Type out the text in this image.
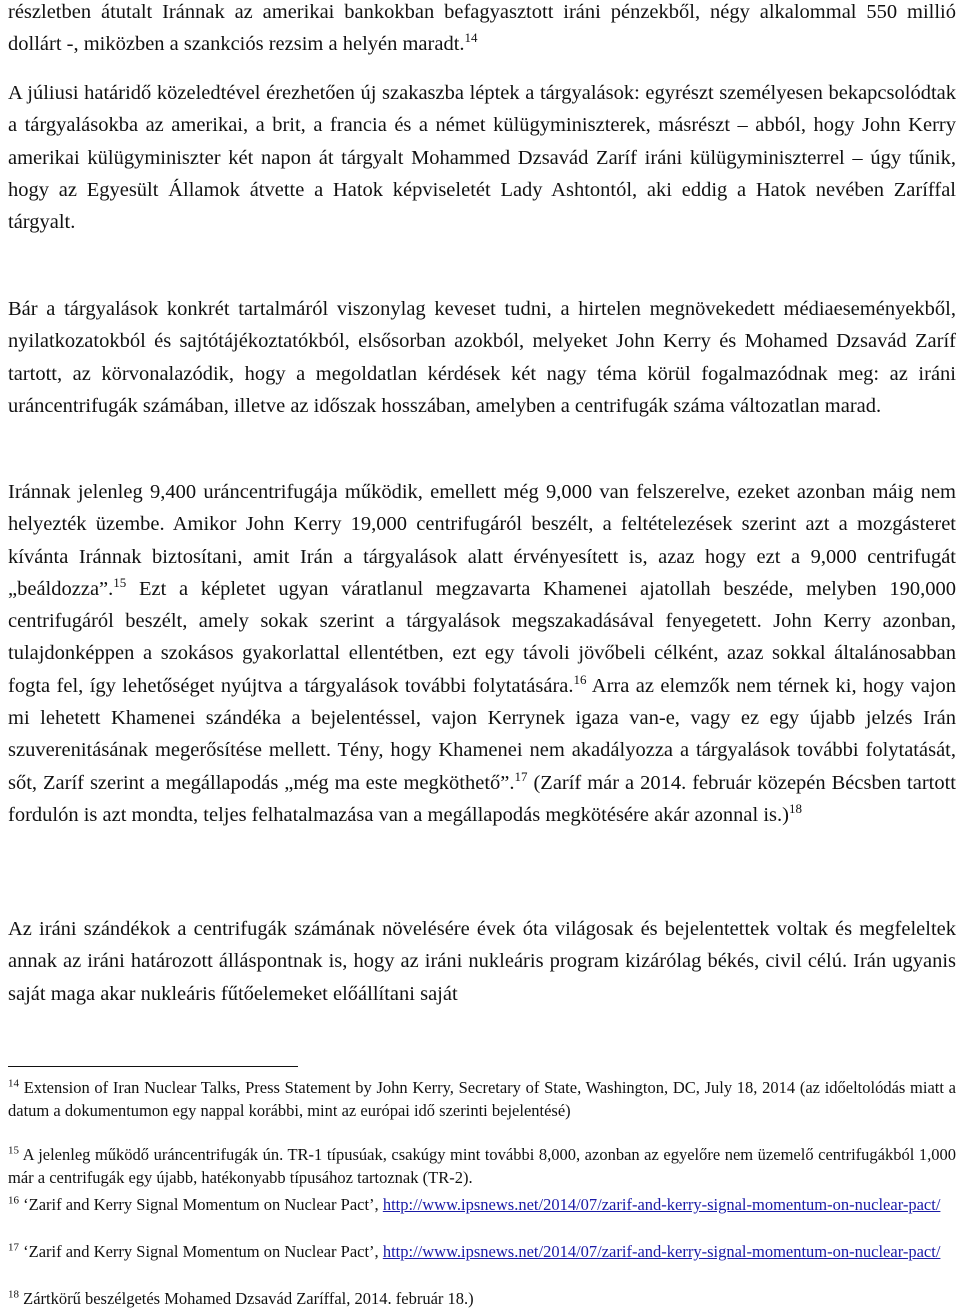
részletben átutalt Iránnak az amerikai bankokban befagyasztott iráni pénzekből, négy alkalommal 550 millió dollárt -, miközben a szankciós rezsim a helyén maradt.$^{14}$

A júliusi határidő közeledtével érezhetően új szakaszba léptek a tárgyalások: egyrészt személyesen bekapcsolódtak a tárgyalásokba az amerikai, a brit, a francia és a német külügyminiszterek, másrészt – abból, hogy John Kerry amerikai külügyminiszter két napon át tárgyalt Mohammed Dzsavád Zaríf iráni külügyminiszterrel – úgy tűnik, hogy az Egyesült Államok átvette a Hatok képviseletét Lady Ashtontól, aki eddig a Hatok nevében Zaríffal tárgyalt.

Bár a tárgyalások konkrét tartalmáról viszonylag keveset tudni, a hirtelen megnövekedett médiaeseményekből, nyilatkozatokból és sajtótájékoztatókból, elsősorban azokból, melyeket John Kerry és Mohamed Dzsavád Zaríf tartott, az körvonalazódik, hogy a megoldatlan kérdések két nagy téma körül fogalmazódnak meg: az iráni uráncentrifugák számában, illetve az időszak hosszában, amelyben a centrifugák száma változatlan marad.

Iránnak jelenleg 9,400 uráncentrifugája működik, emellett még 9,000 van felszerelve, ezeket azonban máig nem helyezték üzembe. Amikor John Kerry 19,000 centrifugáról beszélt, a feltételezések szerint azt a mozgásteret kívánta Iránnak biztosítani, amit Irán a tárgyalások alatt érvényesített is, azaz hogy ezt a 9,000 centrifugát „beáldozza”.$^{15}$ Ezt a képletet ugyan váratlanul megzavarta Khamenei ajatollah beszéde, melyben 190,000 centrifugáról beszélt, amely sokak szerint a tárgyalások megszakadásával fenyegetett. John Kerry azonban, tulajdonképpen a szokásos gyakorlattal ellentétben, ezt egy távoli jövőbeli célként, azaz sokkal általánosabban fogta fel, így lehetőséget nyújtva a tárgyalások további folytatására.$^{16}$ Arra az elemzők nem térnek ki, hogy vajon mi lehetett Khamenei szándéka a bejelentéssel, vajon Kerrynek igaza van-e, vagy ez egy újabb jelzés Irán szuverenitásának megerősítése mellett. Tény, hogy Khamenei nem akadályozza a tárgyalások további folytatását, sőt, Zaríf szerint a megállapodás „még ma este megköthető”.$^{17}$ (Zaríf már a 2014. február közepén Bécsben tartott fordulón is azt mondta, teljes felhatalmazása van a megállapodás megkötésére akár azonnal is.)$^{18}$

Az iráni szándékok a centrifugák számának növelésére évek óta világosak és bejelentettek voltak és megfeleltek annak az iráni határozott álláspontnak is, hogy az iráni nukleáris program kizárólag békés, civil célú. Irán ugyanis saját maga akar nukleáris fűtőelemeket előállítani saját

$^{14}$ Extension of Iran Nuclear Talks, Press Statement by John Kerry, Secretary of State, Washington, DC, July 18, 2014 (az időeltolódás miatt a datum a dokumentumon egy nappal korábbi, mint az európai idő szerinti bejelentésé)

$^{15}$ A jelenleg működő uráncentrifugák ún. TR-1 típusúak, csakúgy mint további 8,000, azonban az egyelőre nem üzemelő centrifugákból 1,000 már a centrifugák egy újabb, hatékonyabb típusához tartoznak (TR-2).

$^{16}$ ‘Zarif and Kerry Signal Momentum on Nuclear Pact’, http://www.ipsnews.net/2014/07/zarif-and-kerry-signal-momentum-on-nuclear-pact/

$^{17}$ ‘Zarif and Kerry Signal Momentum on Nuclear Pact’, http://www.ipsnews.net/2014/07/zarif-and-kerry-signal-momentum-on-nuclear-pact/

$^{18}$ Zártkörű beszélgetés Mohamed Dzsavád Zaríffal, 2014. február 18.)
